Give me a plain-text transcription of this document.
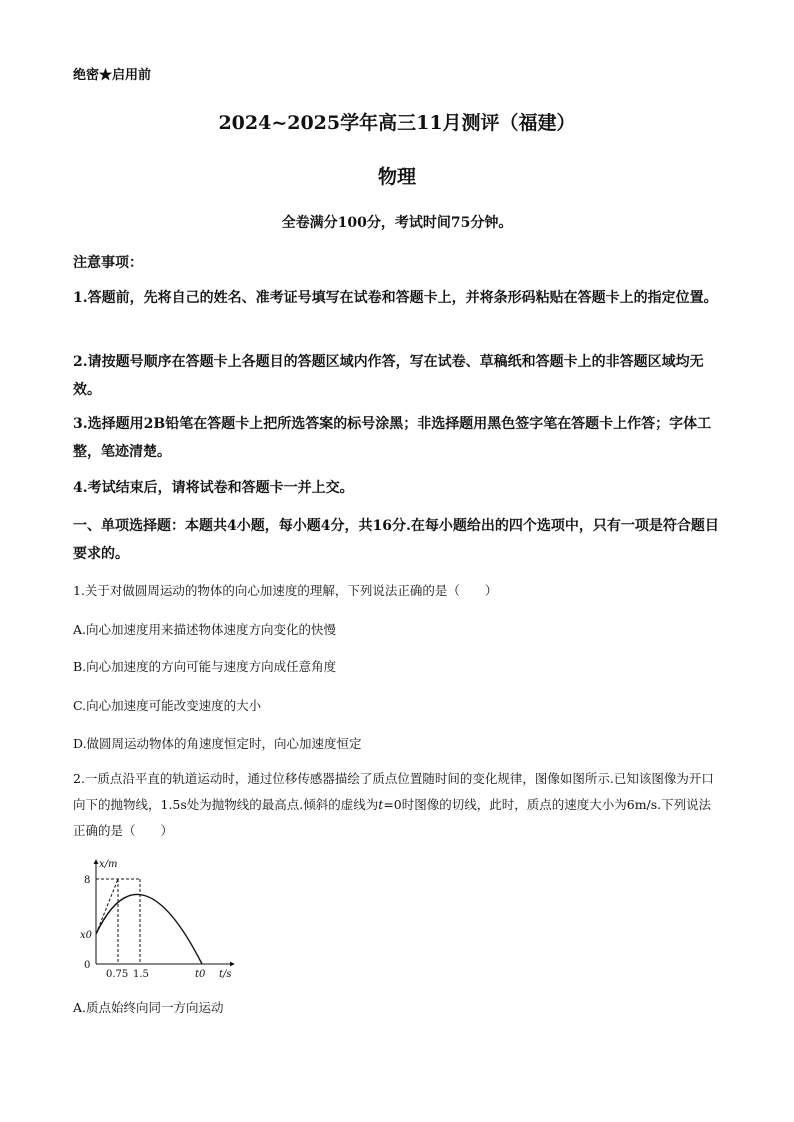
绝密★启用前
2024~2025学年高三11月测评（福建）
物理
全卷满分100分，考试时间75分钟。
注意事项：
1.答题前，先将自己的姓名、准考证号填写在试卷和答题卡上，并将条形码粘贴在答题卡上的指定位置。
2.请按题号顺序在答题卡上各题目的答题区域内作答，写在试卷、草稿纸和答题卡上的非答题区域均无效。
3.选择题用2B铅笔在答题卡上把所选答案的标号涂黑；非选择题用黑色签字笔在答题卡上作答；字体工整，笔迹清楚。
4.考试结束后，请将试卷和答题卡一并上交。
一、单项选择题：本题共4小题，每小题4分，共16分.在每小题给出的四个选项中，只有一项是符合题目要求的。
1.关于对做圆周运动的物体的向心加速度的理解，下列说法正确的是（　　）
A.向心加速度用来描述物体速度方向变化的快慢
B.向心加速度的方向可能与速度方向成任意角度
C.向心加速度可能改变速度的大小
D.做圆周运动物体的角速度恒定时，向心加速度恒定
2.一质点沿平直的轨道运动时，通过位移传感器描绘了质点位置随时间的变化规律，图像如图所示.已知该图像为开口向下的抛物线，1.5s处为抛物线的最高点.倾斜的虚线为t=0时图像的切线，此时，质点的速度大小为6m/s.下列说法正确的是（　　）
x/m
8
x0
0
0.75 1.5	t0 t/s
A.质点始终向同一方向运动
